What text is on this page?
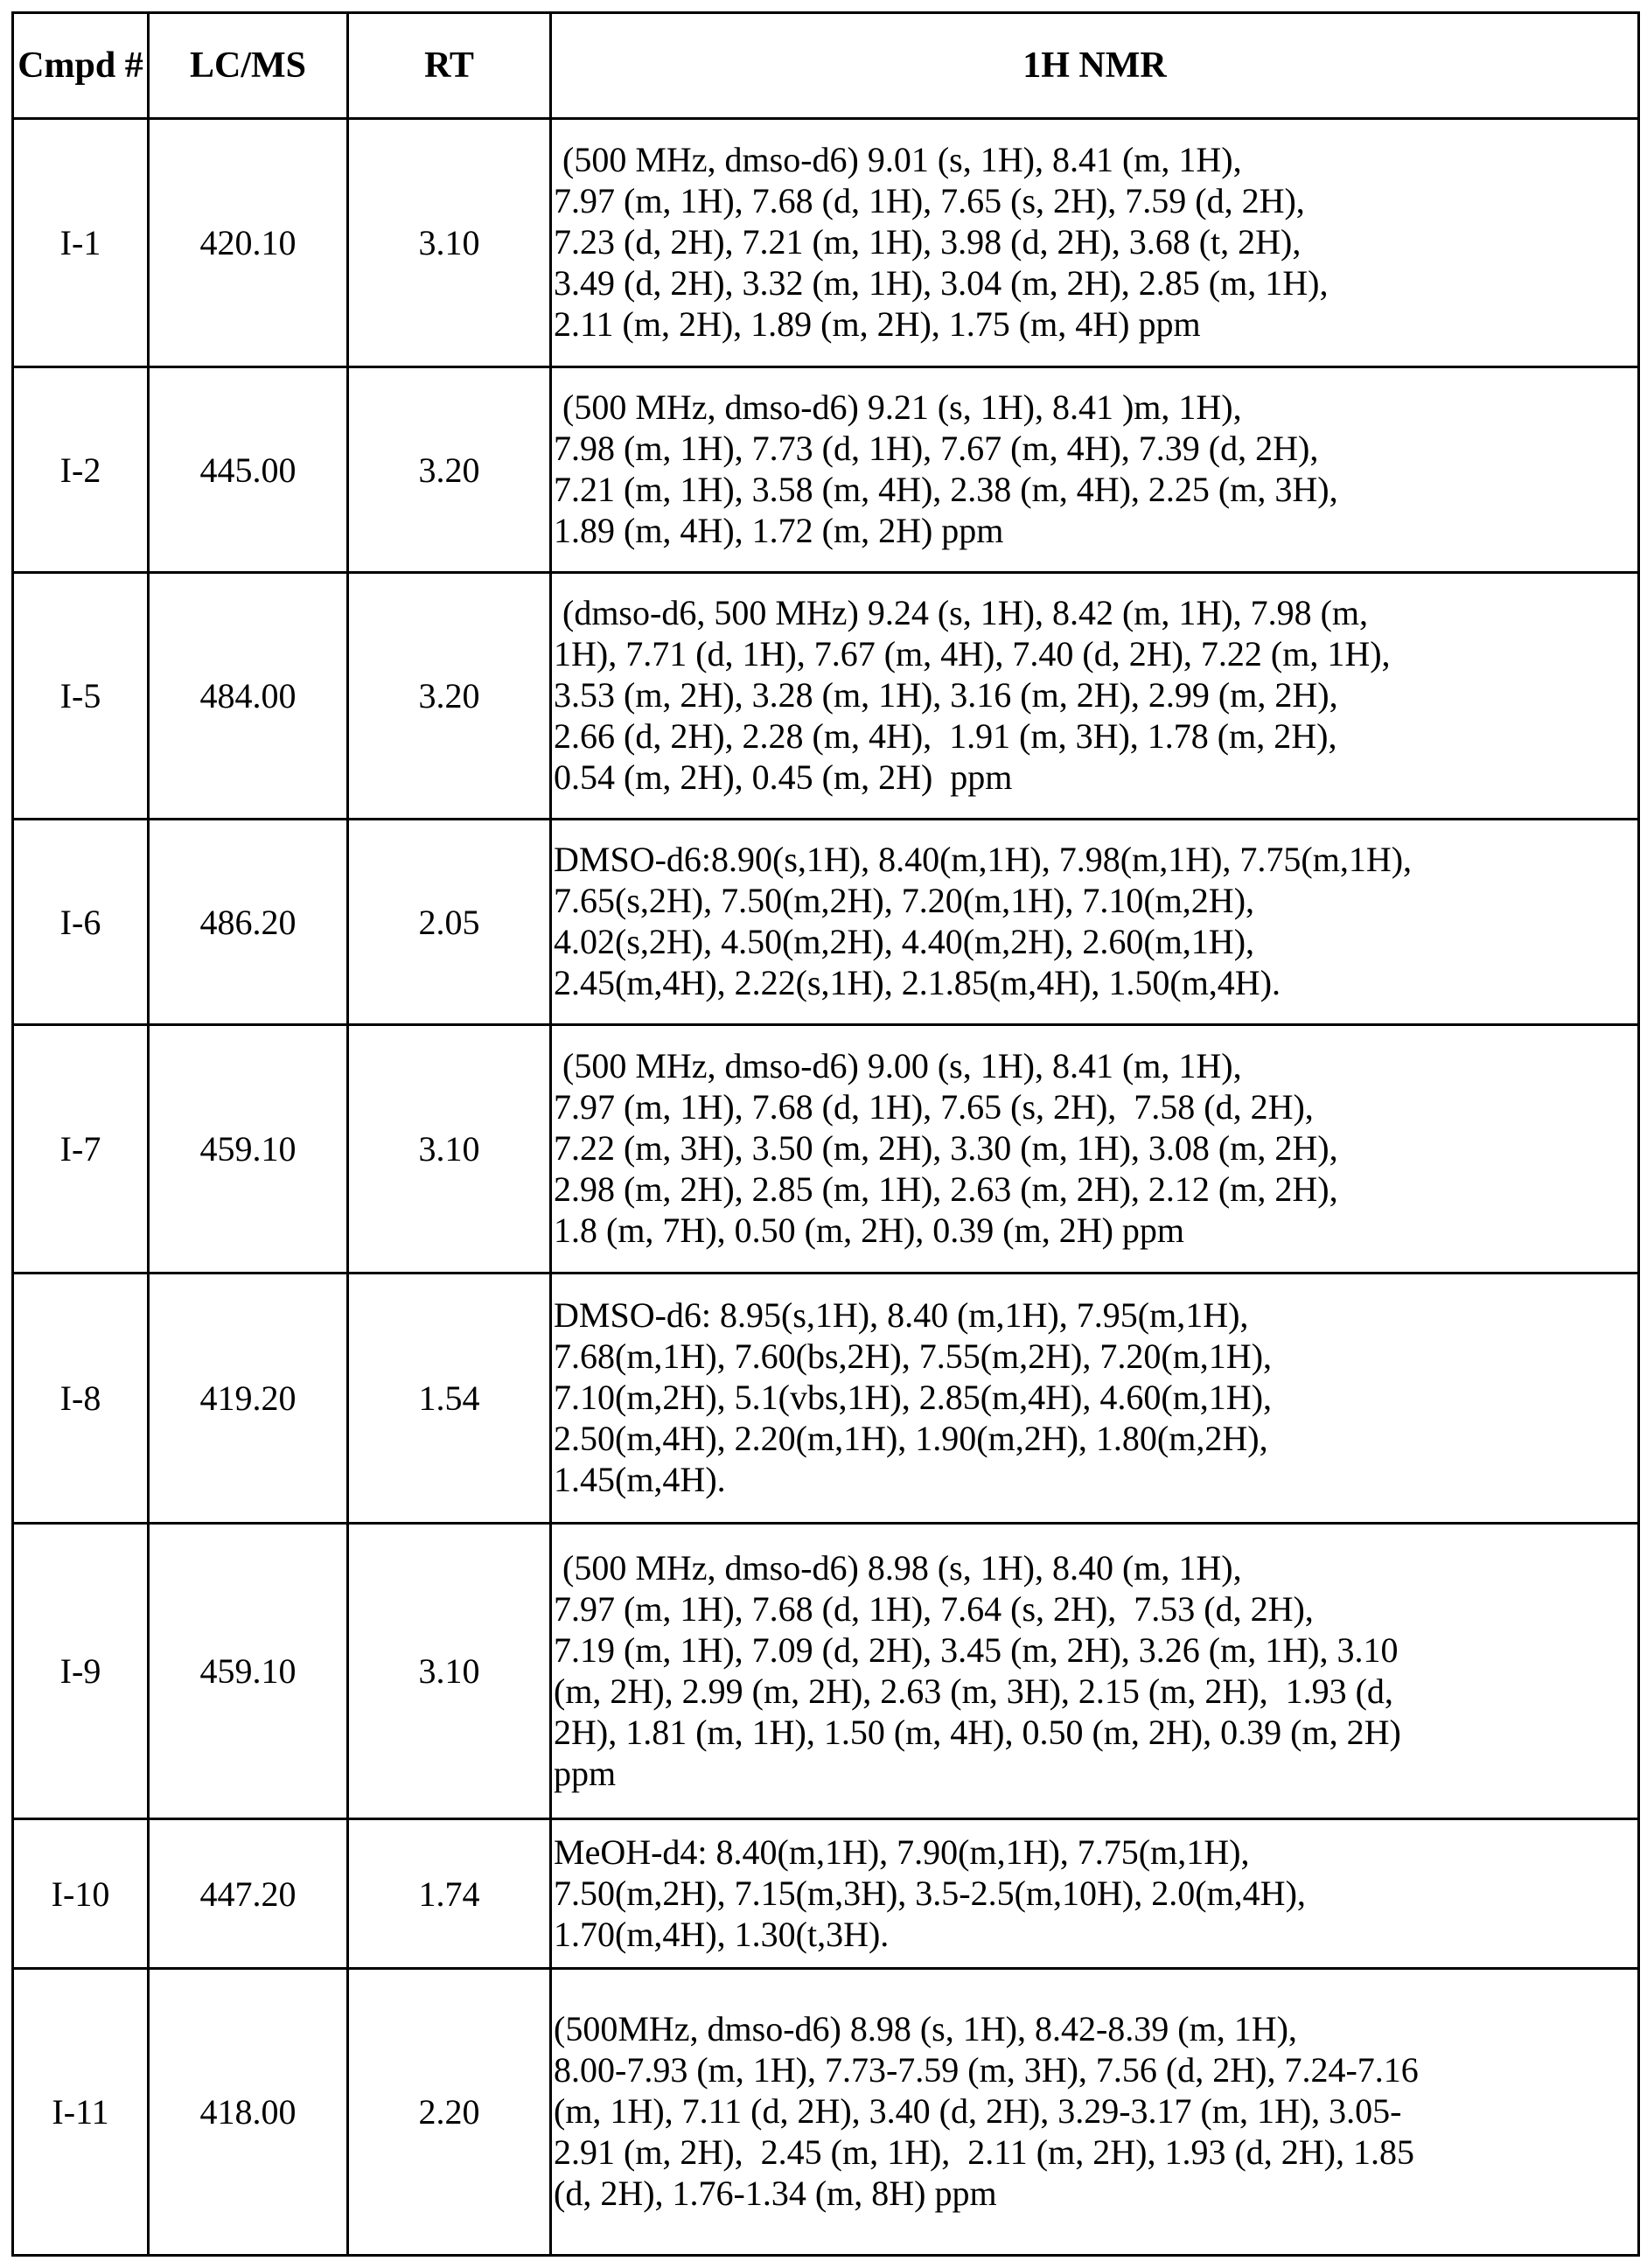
Cmpd #	LC/MS	RT	1H NMR
I-1	420.10	3.10	
(500 MHz, dmso-d6) 9.01 (s, 1H), 8.41 (m, 1H),
7.97 (m, 1H), 7.68 (d, 1H), 7.65 (s, 2H), 7.59 (d, 2H),
7.23 (d, 2H), 7.21 (m, 1H), 3.98 (d, 2H), 3.68 (t, 2H),
3.49 (d, 2H), 3.32 (m, 1H), 3.04 (m, 2H), 2.85 (m, 1H),
2.11 (m, 2H), 1.89 (m, 2H), 1.75 (m, 4H) ppm

I-2	445.00	3.20	
(500 MHz, dmso-d6) 9.21 (s, 1H), 8.41 )m, 1H),
7.98 (m, 1H), 7.73 (d, 1H), 7.67 (m, 4H), 7.39 (d, 2H),
7.21 (m, 1H), 3.58 (m, 4H), 2.38 (m, 4H), 2.25 (m, 3H),
1.89 (m, 4H), 1.72 (m, 2H) ppm

I-5	484.00	3.20	
(dmso-d6, 500 MHz) 9.24 (s, 1H), 8.42 (m, 1H), 7.98 (m,
1H), 7.71 (d, 1H), 7.67 (m, 4H), 7.40 (d, 2H), 7.22 (m, 1H),
3.53 (m, 2H), 3.28 (m, 1H), 3.16 (m, 2H), 2.99 (m, 2H),
2.66 (d, 2H), 2.28 (m, 4H),  1.91 (m, 3H), 1.78 (m, 2H),
0.54 (m, 2H), 0.45 (m, 2H)  ppm

I-6	486.20	2.05	
DMSO-d6:8.90(s,1H), 8.40(m,1H), 7.98(m,1H), 7.75(m,1H),
7.65(s,2H), 7.50(m,2H), 7.20(m,1H), 7.10(m,2H),
4.02(s,2H), 4.50(m,2H), 4.40(m,2H), 2.60(m,1H),
2.45(m,4H), 2.22(s,1H), 2.1.85(m,4H), 1.50(m,4H).

I-7	459.10	3.10	
(500 MHz, dmso-d6) 9.00 (s, 1H), 8.41 (m, 1H),
7.97 (m, 1H), 7.68 (d, 1H), 7.65 (s, 2H),  7.58 (d, 2H),
7.22 (m, 3H), 3.50 (m, 2H), 3.30 (m, 1H), 3.08 (m, 2H),
2.98 (m, 2H), 2.85 (m, 1H), 2.63 (m, 2H), 2.12 (m, 2H),
1.8 (m, 7H), 0.50 (m, 2H), 0.39 (m, 2H) ppm

I-8	419.20	1.54	
DMSO-d6: 8.95(s,1H), 8.40 (m,1H), 7.95(m,1H),
7.68(m,1H), 7.60(bs,2H), 7.55(m,2H), 7.20(m,1H),
7.10(m,2H), 5.1(vbs,1H), 2.85(m,4H), 4.60(m,1H),
2.50(m,4H), 2.20(m,1H), 1.90(m,2H), 1.80(m,2H),
1.45(m,4H).

I-9	459.10	3.10	
(500 MHz, dmso-d6) 8.98 (s, 1H), 8.40 (m, 1H),
7.97 (m, 1H), 7.68 (d, 1H), 7.64 (s, 2H),  7.53 (d, 2H),
7.19 (m, 1H), 7.09 (d, 2H), 3.45 (m, 2H), 3.26 (m, 1H), 3.10
(m, 2H), 2.99 (m, 2H), 2.63 (m, 3H), 2.15 (m, 2H),  1.93 (d,
2H), 1.81 (m, 1H), 1.50 (m, 4H), 0.50 (m, 2H), 0.39 (m, 2H)
ppm

I-10	447.20	1.74	
MeOH-d4: 8.40(m,1H), 7.90(m,1H), 7.75(m,1H),
7.50(m,2H), 7.15(m,3H), 3.5-2.5(m,10H), 2.0(m,4H),
1.70(m,4H), 1.30(t,3H).

I-11	418.00	2.20	
(500MHz, dmso-d6) 8.98 (s, 1H), 8.42-8.39 (m, 1H),
8.00-7.93 (m, 1H), 7.73-7.59 (m, 3H), 7.56 (d, 2H), 7.24-7.16
(m, 1H), 7.11 (d, 2H), 3.40 (d, 2H), 3.29-3.17 (m, 1H), 3.05-
2.91 (m, 2H),  2.45 (m, 1H),  2.11 (m, 2H), 1.93 (d, 2H), 1.85
(d, 2H), 1.76-1.34 (m, 8H) ppm
